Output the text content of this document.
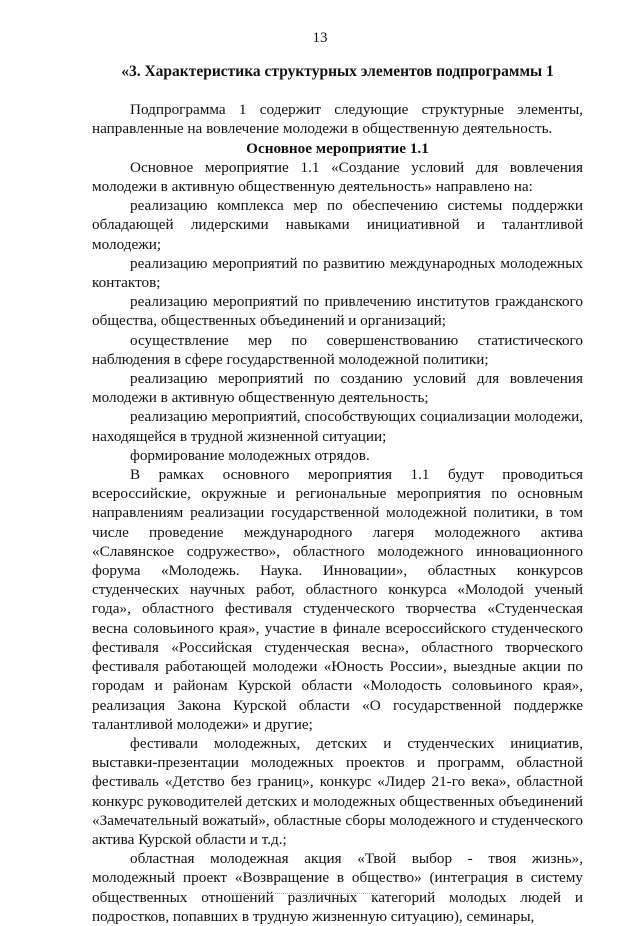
13
«3. Характеристика структурных элементов подпрограммы 1

Подпрограмма 1 содержит следующие структурные элементы, направленные на вовлечение молодежи в общественную деятельность.

Основное мероприятие 1.1

Основное мероприятие 1.1 «Создание условий для вовлечения молодежи в активную общественную деятельность» направлено на:

реализацию комплекса мер по обеспечению системы поддержки обладающей лидерскими навыками инициативной и талантливой молодежи;

реализацию мероприятий по развитию международных молодежных контактов;

реализацию мероприятий по привлечению институтов гражданского общества, общественных объединений и организаций;

осуществление мер по совершенствованию статистического наблюдения в сфере государственной молодежной политики;

реализацию мероприятий по созданию условий для вовлечения молодежи в активную общественную деятельность;

реализацию мероприятий, способствующих социализации молодежи, находящейся в трудной жизненной ситуации;

формирование молодежных отрядов.

В рамках основного мероприятия 1.1 будут проводиться всероссийские, окружные и региональные мероприятия по основным направлениям реализации государственной молодежной политики, в том числе проведение международного лагеря молодежного актива «Славянское содружество», областного молодежного инновационного форума «Молодежь. Наука. Инновации», областных конкурсов студенческих научных работ, областного конкурса «Молодой ученый года», областного фестиваля студенческого творчества «Студенческая весна соловьиного края», участие в финале всероссийского студенческого фестиваля «Российская студенческая весна», областного творческого фестиваля работающей молодежи «Юность России», выездные акции по городам и районам Курской области «Молодость соловьиного края», реализация Закона Курской области «О государственной поддержке талантливой молодежи» и другие;

фестивали молодежных, детских и студенческих инициатив, выставки-презентации молодежных проектов и программ, областной фестиваль «Детство без границ», конкурс «Лидер 21-го века», областной конкурс руководителей детских и молодежных общественных объединений «Замечательный вожатый», областные сборы молодежного и студенческого актива Курской области и т.д.;

областная молодежная акция «Твой выбор - твоя жизнь», молодежный проект «Возвращение в общество» (интеграция в систему общественных отношений различных категорий молодых людей и подростков, попавших в трудную жизненную ситуацию), семинары,
